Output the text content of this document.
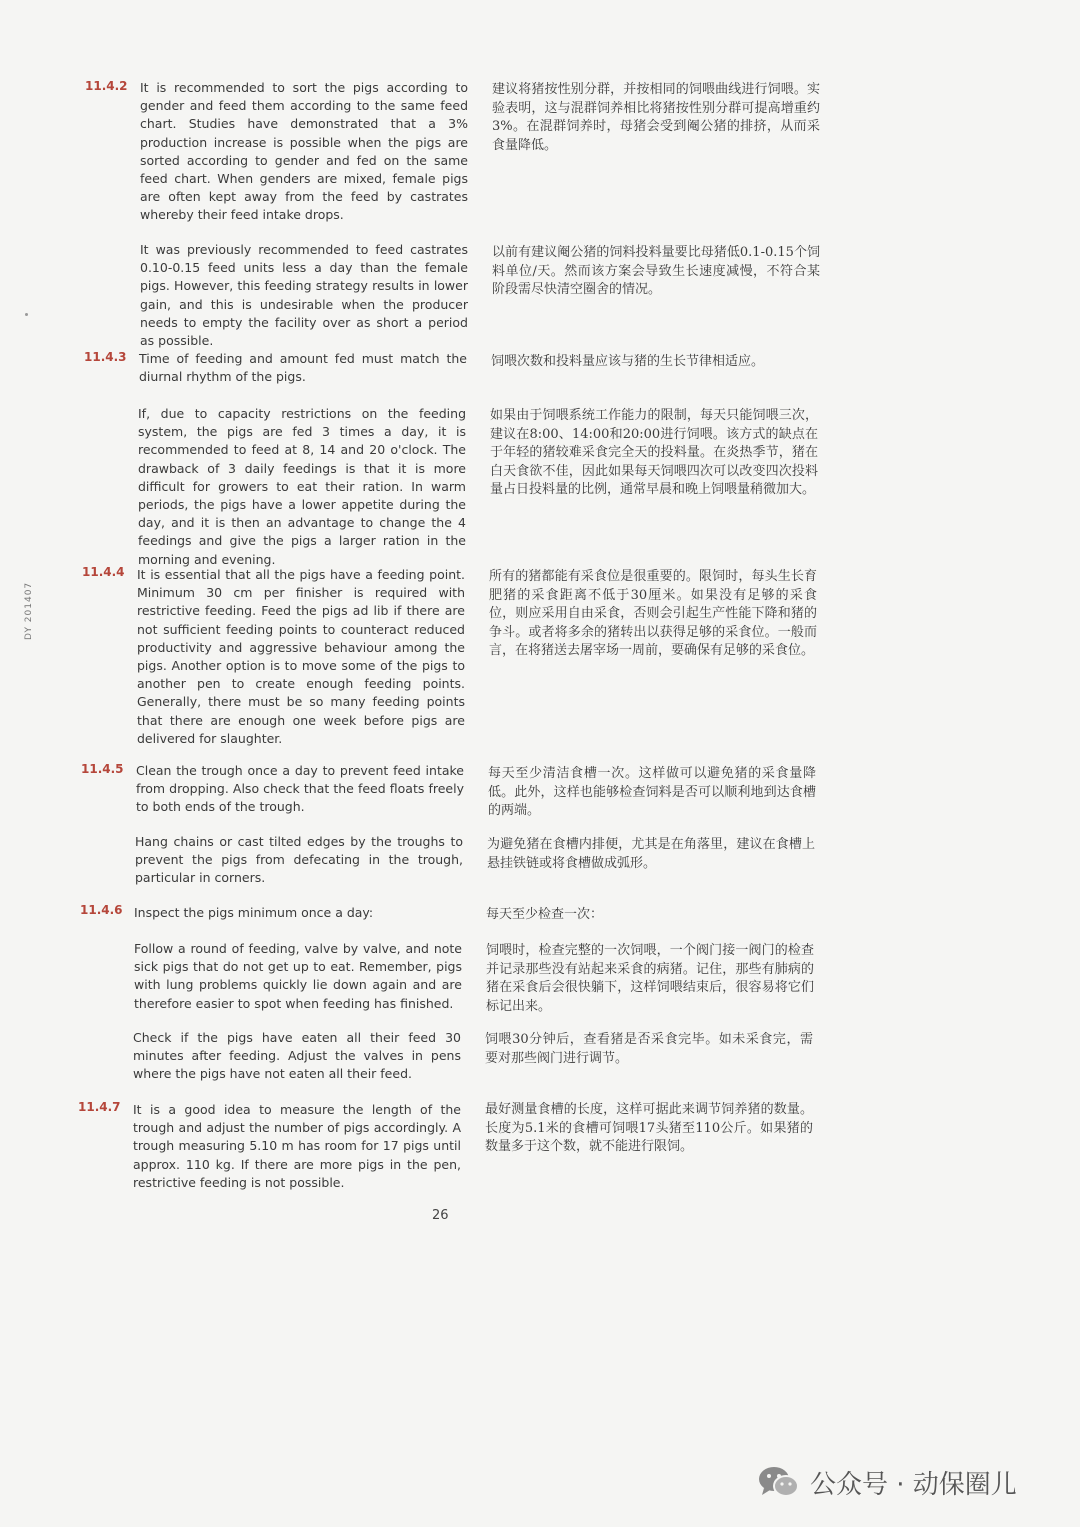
DY 201407
11.4.2 It is recommended to sort the pigs according to gender and feed them according to the same feed chart. Studies have demonstrated that a 3% production increase is possible when the pigs are sorted according to gender and fed on the same feed chart. When genders are mixed, female pigs are often kept away from the feed by castrates whereby their feed intake drops.
建议将猪按性别分群，并按相同的饲喂曲线进行饲喂。实验表明，这与混群饲养相比将猪按性别分群可提高增重约3%。在混群饲养时，母猪会受到阉公猪的排挤，从而采食量降低。
It was previously recommended to feed castrates 0.10-0.15 feed units less a day than the female pigs. However, this feeding strategy results in lower gain, and this is undesirable when the producer needs to empty the facility over as short a period as possible.
以前有建议阉公猪的饲料投料量要比母猪低0.1-0.15个饲料单位/天。然而该方案会导致生长速度减慢，不符合某阶段需尽快清空圈舍的情况。
11.4.3 Time of feeding and amount fed must match the diurnal rhythm of the pigs.
饲喂次数和投料量应该与猪的生长节律相适应。
If, due to capacity restrictions on the feeding system, the pigs are fed 3 times a day, it is recommended to feed at 8, 14 and 20 o'clock. The drawback of 3 daily feedings is that it is more difficult for growers to eat their ration. In warm periods, the pigs have a lower appetite during the day, and it is then an advantage to change the 4 feedings and give the pigs a larger ration in the morning and evening.
如果由于饲喂系统工作能力的限制，每天只能饲喂三次，建议在8:00、14:00和20:00进行饲喂。该方式的缺点在于年轻的猪较难采食完全天的投料量。在炎热季节，猪在白天食欲不佳，因此如果每天饲喂四次可以改变四次投料量占日投料量的比例，通常早晨和晚上饲喂量稍微加大。
11.4.4 It is essential that all the pigs have a feeding point. Minimum 30 cm per finisher is required with restrictive feeding. Feed the pigs ad lib if there are not sufficient feeding points to counteract reduced productivity and aggressive behaviour among the pigs. Another option is to move some of the pigs to another pen to create enough feeding points. Generally, there must be so many feeding points that there are enough one week before pigs are delivered for slaughter.
所有的猪都能有采食位是很重要的。限饲时，每头生长育肥猪的采食距离不低于30厘米。如果没有足够的采食位，则应采用自由采食，否则会引起生产性能下降和猪的争斗。或者将多余的猪转出以获得足够的采食位。一般而言，在将猪送去屠宰场一周前，要确保有足够的采食位。
11.4.5 Clean the trough once a day to prevent feed intake from dropping. Also check that the feed floats freely to both ends of the trough.
每天至少清洁食槽一次。这样做可以避免猪的采食量降低。此外，这样也能够检查饲料是否可以顺利地到达食槽的两端。
Hang chains or cast tilted edges by the troughs to prevent the pigs from defecating in the trough, particular in corners.
为避免猪在食槽内排便，尤其是在角落里，建议在食槽上悬挂铁链或将食槽做成弧形。
11.4.6 Inspect the pigs minimum once a day:	每天至少检查一次：
Follow a round of feeding, valve by valve, and note sick pigs that do not get up to eat. Remember, pigs with lung problems quickly lie down again and are therefore easier to spot when feeding has finished.
饲喂时，检查完整的一次饲喂，一个阀门接一阀门的检查并记录那些没有站起来采食的病猪。记住，那些有肺病的猪在采食后会很快躺下，这样饲喂结束后，很容易将它们标记出来。
Check if the pigs have eaten all their feed 30 minutes after feeding. Adjust the valves in pens where the pigs have not eaten all their feed.
饲喂30分钟后，查看猪是否采食完毕。如未采食完，需要对那些阀门进行调节。
11.4.7 It is a good idea to measure the length of the trough and adjust the number of pigs accordingly. A trough measuring 5.10 m has room for 17 pigs until approx. 110 kg. If there are more pigs in the pen, restrictive feeding is not possible.
最好测量食槽的长度，这样可据此来调节饲养猪的数量。长度为5.1米的食槽可饲喂17头猪至110公斤。如果猪的数量多于这个数，就不能进行限饲。
26
公众号 · 动保圈儿
